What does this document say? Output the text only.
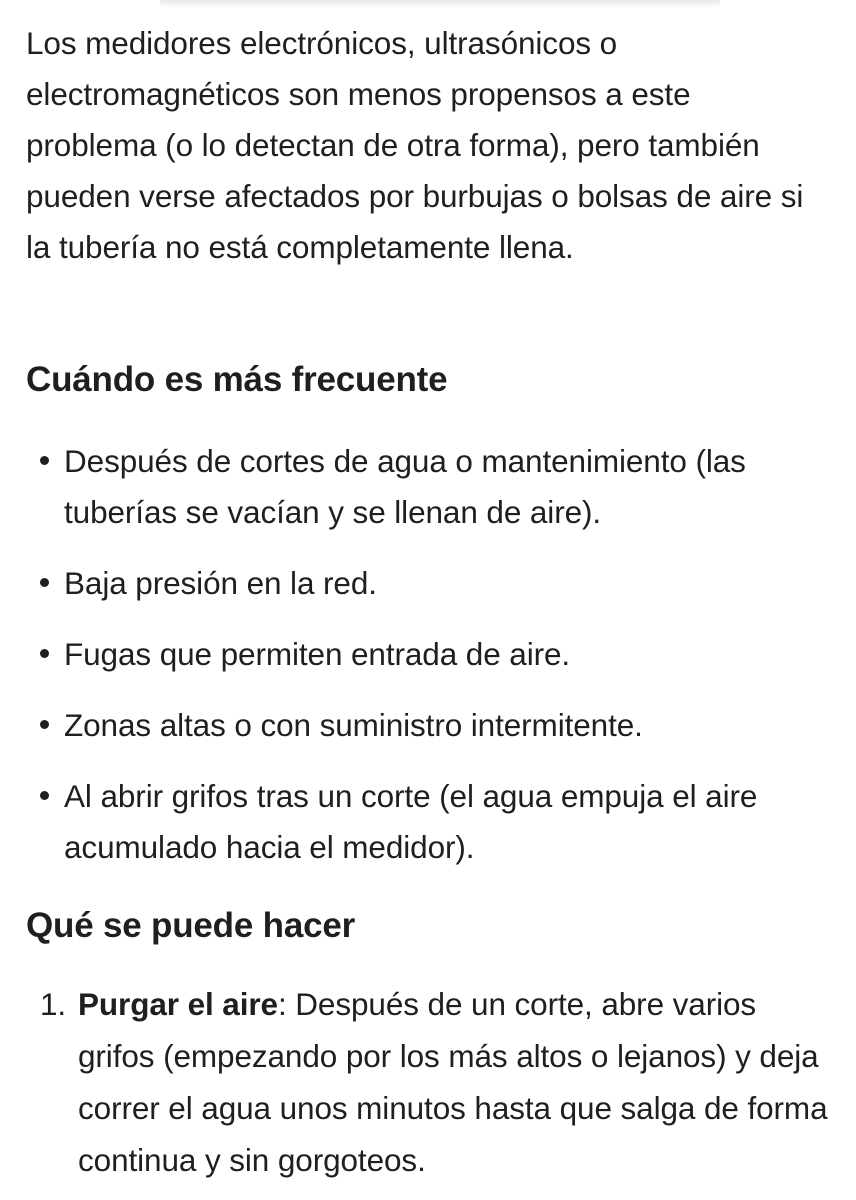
Los medidores electrónicos, ultrasónicos o electromagnéticos son menos propensos a este problema (o lo detectan de otra forma), pero también pueden verse afectados por burbujas o bolsas de aire si la tubería no está completamente llena.

Cuándo es más frecuente
Después de cortes de agua o mantenimiento (las tuberías se vacían y se llenan de aire).
Baja presión en la red.
Fugas que permiten entrada de aire.
Zonas altas o con suministro intermitente.
Al abrir grifos tras un corte (el agua empuja el aire acumulado hacia el medidor).
Qué se puede hacer
1. Purgar el aire: Después de un corte, abre varios grifos (empezando por los más altos o lejanos) y deja correr el agua unos minutos hasta que salga de forma continua y sin gorgoteos.
